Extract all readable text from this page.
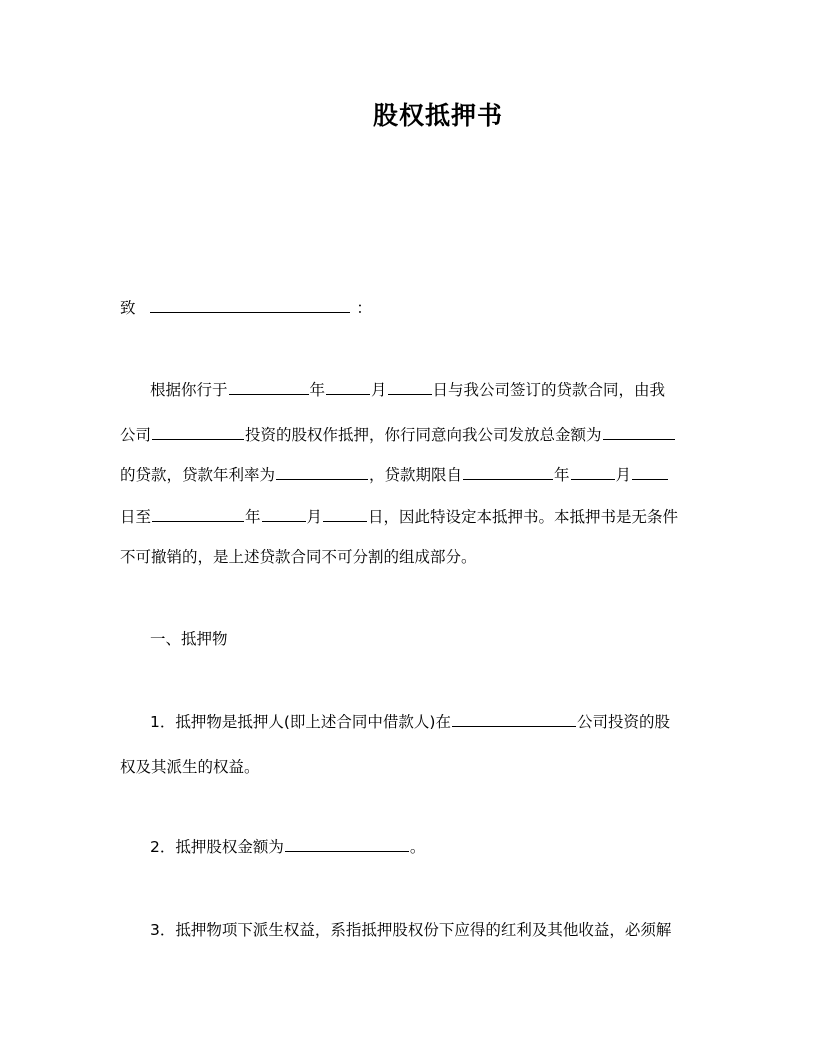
股权抵押书
致	：
根据你行于	年	月	日与我公司签订的贷款合同，由我
公司	投资的股权作抵押，你行同意向我公司发放总金额为
的贷款，贷款年利率为	，贷款期限自	年	月
日至	年	月	日，因此特设定本抵押书。本抵押书是无条件
不可撤销的，是上述贷款合同不可分割的组成部分。
一、抵押物
1．抵押物是抵押人(即上述合同中借款人)在	公司投资的股
权及其派生的权益。
2．抵押股权金额为	。
3．抵押物项下派生权益，系指抵押股权份下应得的红利及其他收益，必须解
